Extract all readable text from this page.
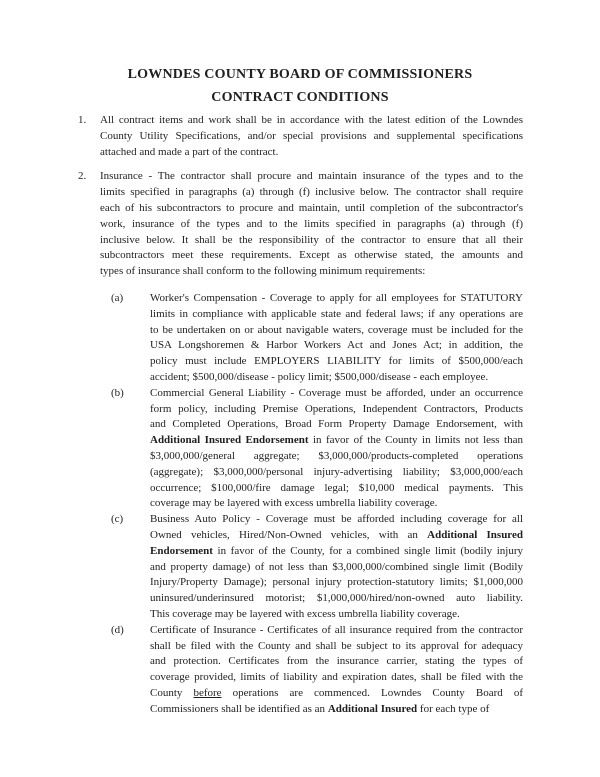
LOWNDES COUNTY BOARD OF COMMISSIONERS
CONTRACT CONDITIONS
1.	All contract items and work shall be in accordance with the latest edition of the Lowndes
County Utility Specifications, and/or special provisions and supplemental specifications
attached and made a part of the contract.
2.	Insurance - The contractor shall procure and maintain insurance of the types and to the
limits specified in paragraphs (a) through (f) inclusive below. The contractor shall require
each of his subcontractors to procure and maintain, until completion of the subcontractor's
work, insurance of the types and to the limits specified in paragraphs (a) through (f)
inclusive below. It shall be the responsibility of the contractor to ensure that all their
subcontractors meet these requirements. Except as otherwise stated, the amounts and
types of insurance shall conform to the following minimum requirements:
(a)	Worker's Compensation - Coverage to apply for all employees for STATUTORY
limits in compliance with applicable state and federal laws; if any operations are
to be undertaken on or about navigable waters, coverage must be included for the
USA Longshoremen & Harbor Workers Act and Jones Act; in addition, the
policy must include EMPLOYERS LIABILITY for limits of $500,000/each
accident; $500,000/disease - policy limit; $500,000/disease - each employee.
(b)	Commercial General Liability - Coverage must be afforded, under an occurrence
form policy, including Premise Operations, Independent Contractors, Products
and Completed Operations, Broad Form Property Damage Endorsement, with
Additional Insured Endorsement in favor of the County in limits not less than
$3,000,000/general aggregate; $3,000,000/products-completed operations
(aggregate); $3,000,000/personal injury-advertising liability; $3,000,000/each
occurrence; $100,000/fire damage legal; $10,000 medical payments. This
coverage may be layered with excess umbrella liability coverage.
(c)	Business Auto Policy - Coverage must be afforded including coverage for all
Owned vehicles, Hired/Non-Owned vehicles, with an Additional Insured
Endorsement in favor of the County, for a combined single limit (bodily injury
and property damage) of not less than $3,000,000/combined single limit (Bodily
Injury/Property Damage); personal injury protection-statutory limits; $1,000,000
uninsured/underinsured motorist; $1,000,000/hired/non-owned auto liability.
This coverage may be layered with excess umbrella liability coverage.
(d)	Certificate of Insurance - Certificates of all insurance required from the contractor
shall be filed with the County and shall be subject to its approval for adequacy
and protection. Certificates from the insurance carrier, stating the types of
coverage provided, limits of liability and expiration dates, shall be filed with the
County before operations are commenced. Lowndes County Board of
Commissioners shall be identified as an Additional Insured for each type of
